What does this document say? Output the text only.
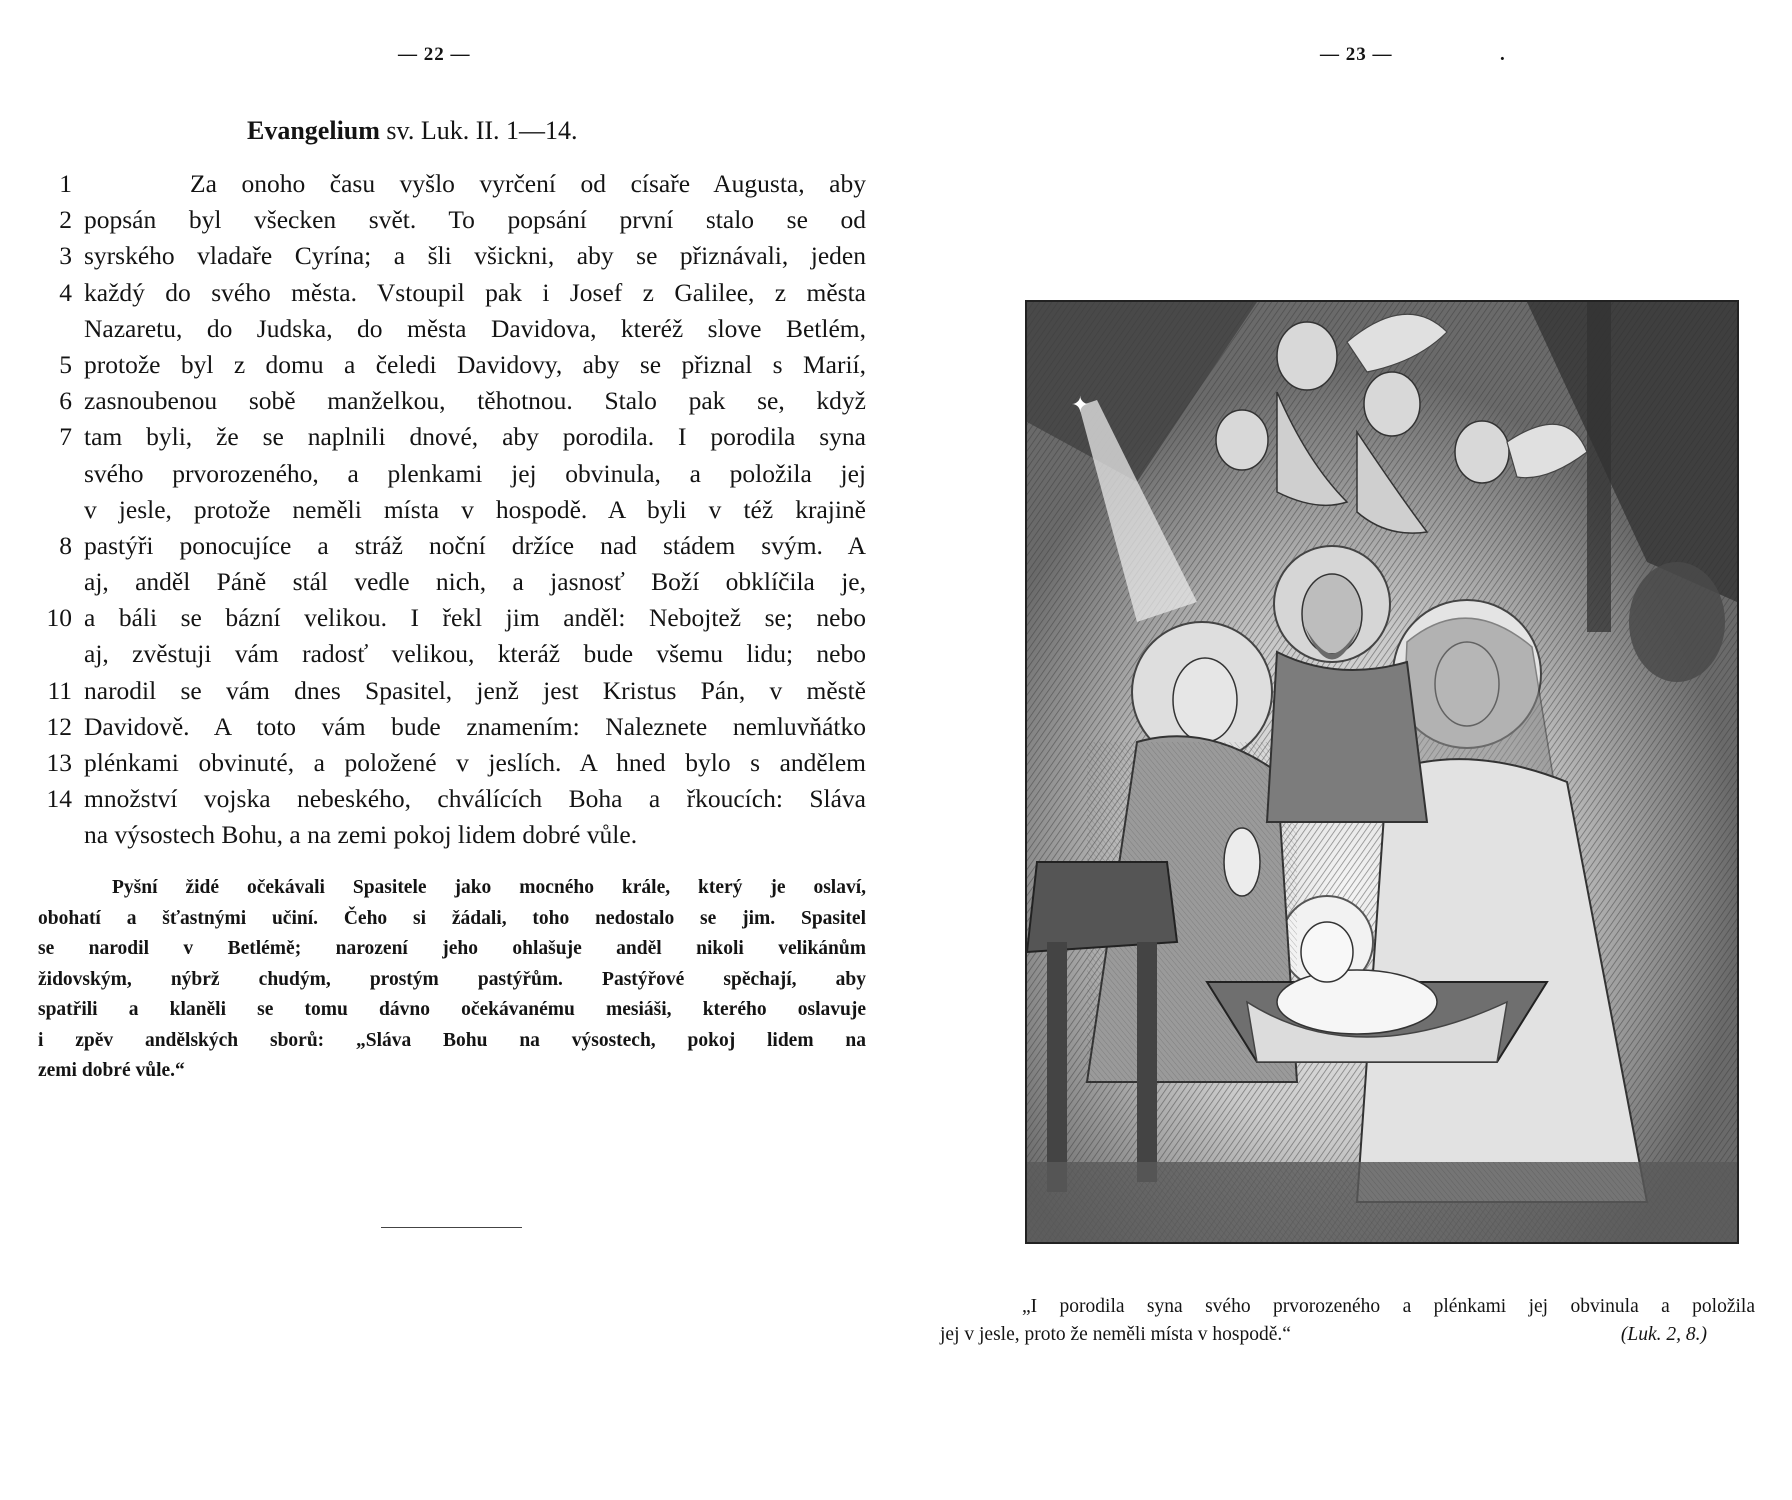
— 22 —	— 23 —	.
Evangelium sv. Luk. II. 1—14.
1	Za onoho času vyšlo vyrčení od císaře Augusta, aby
2 popsán byl všecken svět. To popsání první stalo se od
3 syrského vladaře Cyrína; a šli všickni, aby se přiznávali, jeden
4 každý do svého města. Vstoupil pak i Josef z Galilee, z města
Nazaretu, do Judska, do města Davidova, kteréž slove Betlém,
5 protože byl z domu a čeledi Davidovy, aby se přiznal s Marií,
6 zasnoubenou sobě manželkou, těhotnou. Stalo pak se, když
7 tam byli, že se naplnili dnové, aby porodila. I porodila syna
svého prvorozeného, a plenkami jej obvinula, a položila jej
v jesle, protože neměli místa v hospodě. A byli v též krajině
8 pastýři ponocujíce a stráž noční držíce nad stádem svým. A
aj, anděl Páně stál vedle nich, a jasnosť Boží obklíčila je,
10 a báli se bázní velikou. I řekl jim anděl: Nebojtež se; nebo
aj, zvěstuji vám radosť velikou, kteráž bude všemu lidu; nebo
11 narodil se vám dnes Spasitel, jenž jest Kristus Pán, v městě
12 Davidově. A toto vám bude znamením: Naleznete nemluvňátko
13 plénkami obvinuté, a položené v jeslích. A hned bylo s andělem
14 množství vojska nebeského, chválících Boha a řkoucích: Sláva
na výsostech Bohu, a na zemi pokoj lidem dobré vůle.
Pyšní židé očekávali Spasitele jako mocného krále, který je oslaví,
obohatí a šťastnými učiní. Čeho si žádali, toho nedostalo se jim. Spasitel
se narodil v Betlémě; narození jeho ohlašuje anděl nikoli velikánům
židovským, nýbrž chudým, prostým pastýřům. Pastýřové spěchají, aby
spatřili a klaněli se tomu dávno očekávanému mesiáši, kterého oslavuje
i zpěv andělských sborů: „Sláva Bohu na výsostech, pokoj lidem na
zemi dobré vůle.“
✦
„I porodila syna svého prvorozeného a plénkami jej obvinula a položila
jej v jesle, proto že neměli místa v hospodě.“	(Luk. 2, 8.)
